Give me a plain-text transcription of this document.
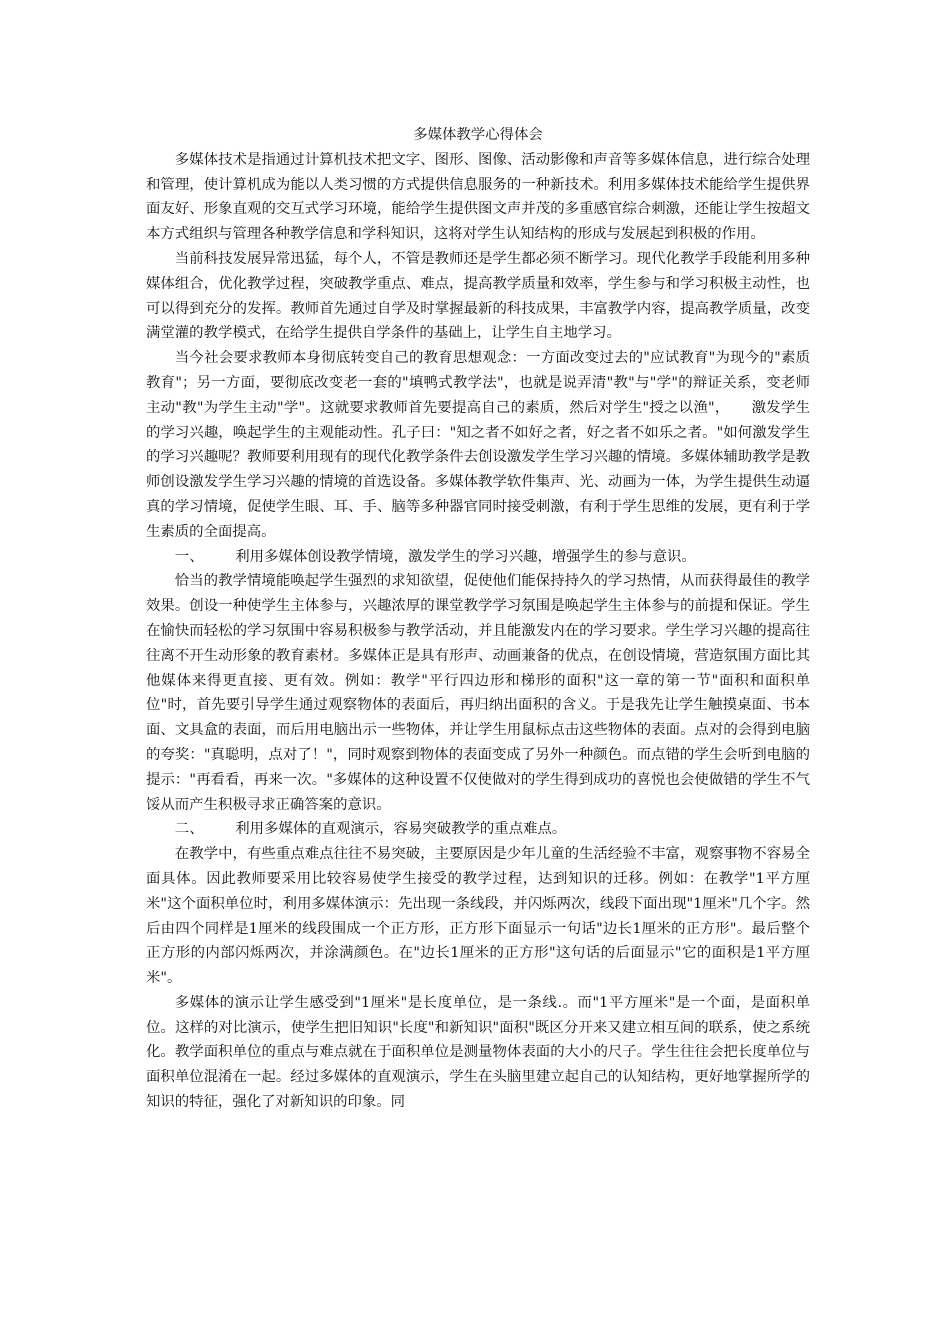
多媒体教学心得体会

多媒体技术是指通过计算机技术把文字、图形、图像、活动影像和声音等多媒体信息，进行综合处理和管理，使计算机成为能以人类习惯的方式提供信息服务的一种新技术。利用多媒体技术能给学生提供界面友好、形象直观的交互式学习环境，能给学生提供图文声并茂的多重感官综合刺激，还能让学生按超文本方式组织与管理各种教学信息和学科知识，这将对学生认知结构的形成与发展起到积极的作用。

当前科技发展异常迅猛，每个人，不管是教师还是学生都必须不断学习。现代化教学手段能利用多种媒体组合，优化教学过程，突破教学重点、难点，提高教学质量和效率，学生参与和学习积极主动性，也可以得到充分的发挥。教师首先通过自学及时掌握最新的科技成果，丰富教学内容，提高教学质量，改变满堂灌的教学模式，在给学生提供自学条件的基础上，让学生自主地学习。

当今社会要求教师本身彻底转变自己的教育思想观念：一方面改变过去的"应试教育"为现今的"素质教育"；另一方面，要彻底改变老一套的"填鸭式教学法"，也就是说弄清"教"与"学"的辩证关系，变老师主动"教"为学生主动"学"。这就要求教师首先要提高自己的素质，然后对学生"授之以渔"，　　激发学生的学习兴趣，唤起学生的主观能动性。孔子曰："知之者不如好之者，好之者不如乐之者。"如何激发学生的学习兴趣呢？教师要利用现有的现代化教学条件去创设激发学生学习兴趣的情境。多媒体辅助教学是教师创设激发学生学习兴趣的情境的首选设备。多媒体教学软件集声、光、动画为一体，为学生提供生动逼真的学习情境，促使学生眼、耳、手、脑等多种器官同时接受刺激，有利于学生思维的发展，更有利于学生素质的全面提高。

一、	利用多媒体创设教学情境，激发学生的学习兴趣，增强学生的参与意识。

恰当的教学情境能唤起学生强烈的求知欲望，促使他们能保持持久的学习热情，从而获得最佳的教学效果。创设一种使学生主体参与，兴趣浓厚的课堂教学学习氛围是唤起学生主体参与的前提和保证。学生在愉快而轻松的学习氛围中容易积极参与教学活动，并且能激发内在的学习要求。学生学习兴趣的提高往往离不开生动形象的教育素材。多媒体正是具有形声、动画兼备的优点，在创设情境，营造氛围方面比其他媒体来得更直接、更有效。例如：教学"平行四边形和梯形的面积"这一章的第一节"面积和面积单位"时，首先要引导学生通过观察物体的表面后，再归纳出面积的含义。于是我先让学生触摸桌面、书本面、文具盒的表面，而后用电脑出示一些物体，并让学生用鼠标点击这些物体的表面。点对的会得到电脑的夸奖："真聪明，点对了！"，同时观察到物体的表面变成了另外一种颜色。而点错的学生会听到电脑的提示："再看看，再来一次。"多媒体的这种设置不仅使做对的学生得到成功的喜悦也会使做错的学生不气馁从而产生积极寻求正确答案的意识。

二、	利用多媒体的直观演示，容易突破教学的重点难点。

在教学中，有些重点难点往往不易突破，主要原因是少年儿童的生活经验不丰富，观察事物不容易全面具体。因此教师要采用比较容易使学生接受的教学过程，达到知识的迁移。例如：在教学"1平方厘米"这个面积单位时，利用多媒体演示：先出现一条线段，并闪烁两次，线段下面出现"1厘米"几个字。然后由四个同样是1厘米的线段围成一个正方形，正方形下面显示一句话"边长1厘米的正方形"。最后整个正方形的内部闪烁两次，并涂满颜色。在"边长1厘米的正方形"这句话的后面显示"它的面积是1平方厘米"。

多媒体的演示让学生感受到"1厘米"是长度单位，是一条线.。而"1平方厘米"是一个面，是面积单位。这样的对比演示，使学生把旧知识"长度"和新知识"面积"既区分开来又建立相互间的联系，使之系统化。教学面积单位的重点与难点就在于面积单位是测量物体表面的大小的尺子。学生往往会把长度单位与面积单位混淆在一起。经过多媒体的直观演示，学生在头脑里建立起自己的认知结构，更好地掌握所学的知识的特征，强化了对新知识的印象。同
